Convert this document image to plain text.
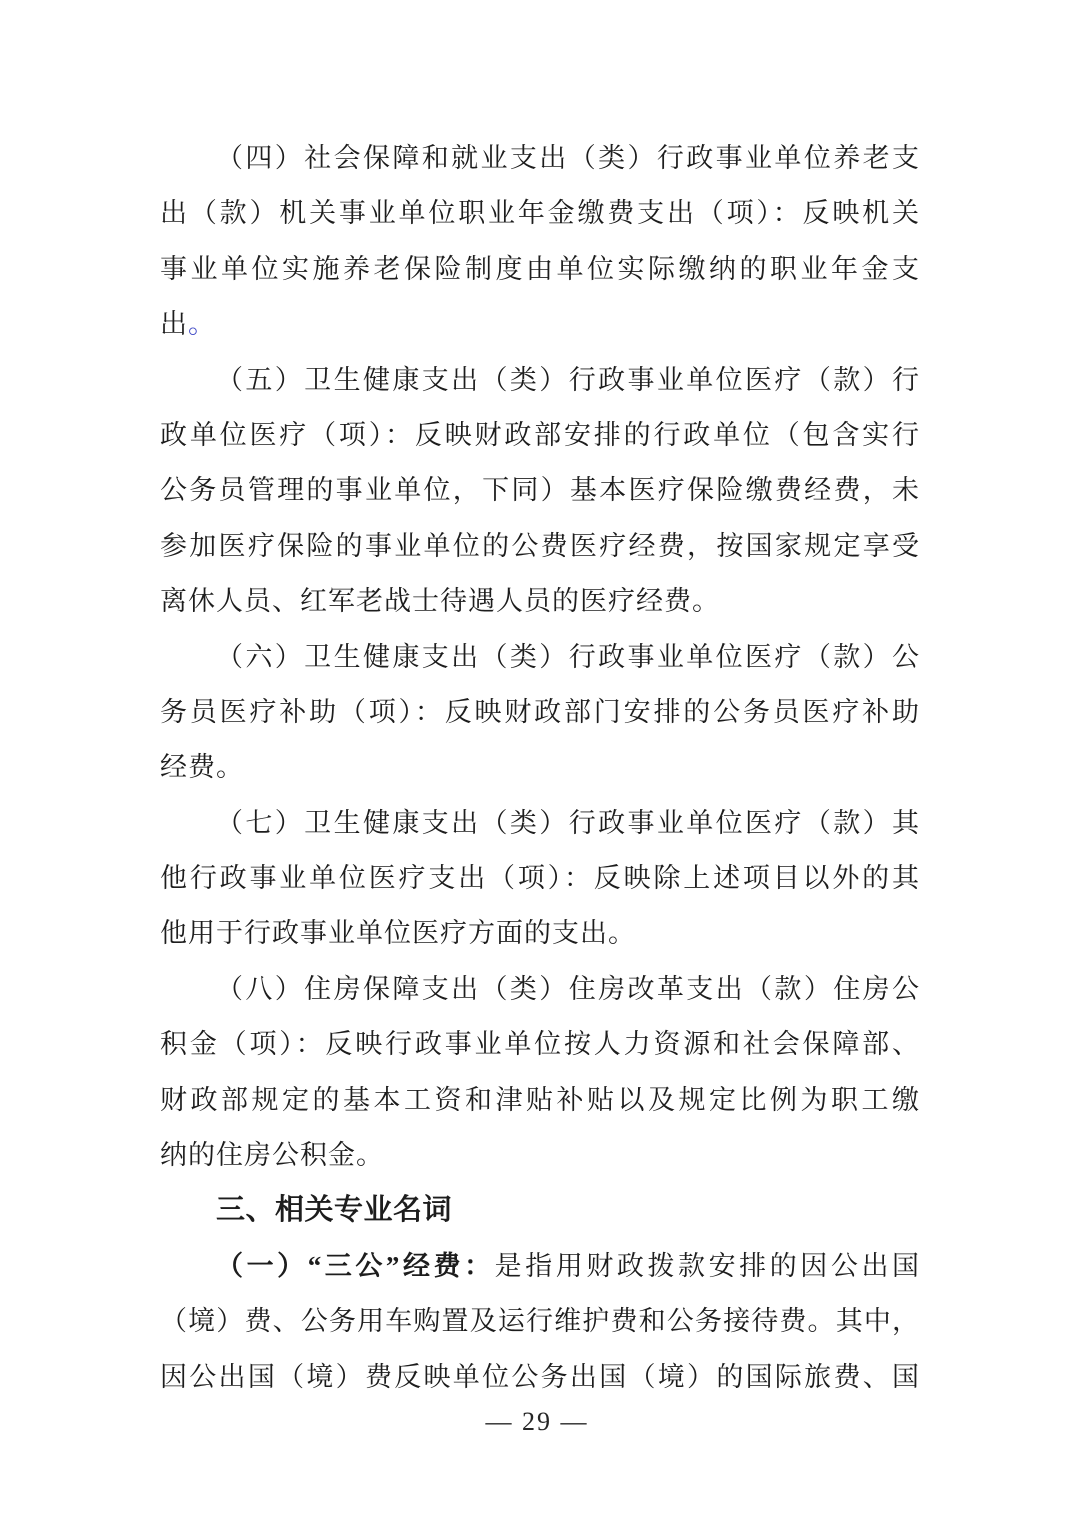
（四）社会保障和就业支出（类）行政事业单位养老支
出（款）机关事业单位职业年金缴费支出（项）：反映机关
事业单位实施养老保险制度由单位实际缴纳的职业年金支
出。
（五）卫生健康支出（类）行政事业单位医疗（款）行
政单位医疗（项）：反映财政部安排的行政单位（包含实行
公务员管理的事业单位，下同）基本医疗保险缴费经费，未
参加医疗保险的事业单位的公费医疗经费，按国家规定享受
离休人员、红军老战士待遇人员的医疗经费。
（六）卫生健康支出（类）行政事业单位医疗（款）公
务员医疗补助（项）：反映财政部门安排的公务员医疗补助
经费。
（七）卫生健康支出（类）行政事业单位医疗（款）其
他行政事业单位医疗支出（项）：反映除上述项目以外的其
他用于行政事业单位医疗方面的支出。
（八）住房保障支出（类）住房改革支出（款）住房公
积金（项）：反映行政事业单位按人力资源和社会保障部、
财政部规定的基本工资和津贴补贴以及规定比例为职工缴
纳的住房公积金。
三、相关专业名词
（一）“三公”经费：是指用财政拨款安排的因公出国
（境）费、公务用车购置及运行维护费和公务接待费。其中，
因公出国（境）费反映单位公务出国（境）的国际旅费、国
— 29 —
